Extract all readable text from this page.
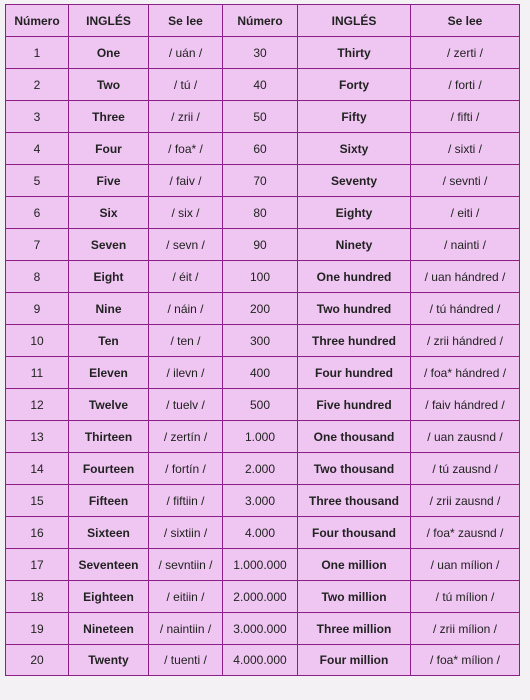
Número	INGLÉS	Se lee	Número	INGLÉS	Se lee
1	One	/ uán /	30	Thirty	/ zerti /
2	Two	/ tú /	40	Forty	/ forti /
3	Three	/ zrii /	50	Fifty	/ fifti /
4	Four	/ foa* /	60	Sixty	/ sixti /
5	Five	/ faiv /	70	Seventy	/ sevnti /
6	Six	/ six /	80	Eighty	/ eiti /
7	Seven	/ sevn /	90	Ninety	/ nainti /
8	Eight	/ éit /	100	One hundred	/ uan hándred /
9	Nine	/ náin /	200	Two hundred	/ tú hándred /
10	Ten	/ ten /	300	Three hundred	/ zrii hándred /
11	Eleven	/ ilevn /	400	Four hundred	/ foa* hándred /
12	Twelve	/ tuelv /	500	Five hundred	/ faiv hándred /
13	Thirteen	/ zertín /	1.000	One thousand	/ uan zausnd /
14	Fourteen	/ fortín /	2.000	Two thousand	/ tú zausnd /
15	Fifteen	/ fiftiin /	3.000	Three thousand	/ zrii zausnd /
16	Sixteen	/ sixtiin /	4.000	Four thousand	/ foa* zausnd /
17	Seventeen	/ sevntiin /	1.000.000	One million	/ uan mílion /
18	Eighteen	/ eitiin /	2.000.000	Two million	/ tú mílion /
19	Nineteen	/ naintiin /	3.000.000	Three million	/ zrii mílion /
20	Twenty	/ tuenti /	4.000.000	Four million	/ foa* mílion /
